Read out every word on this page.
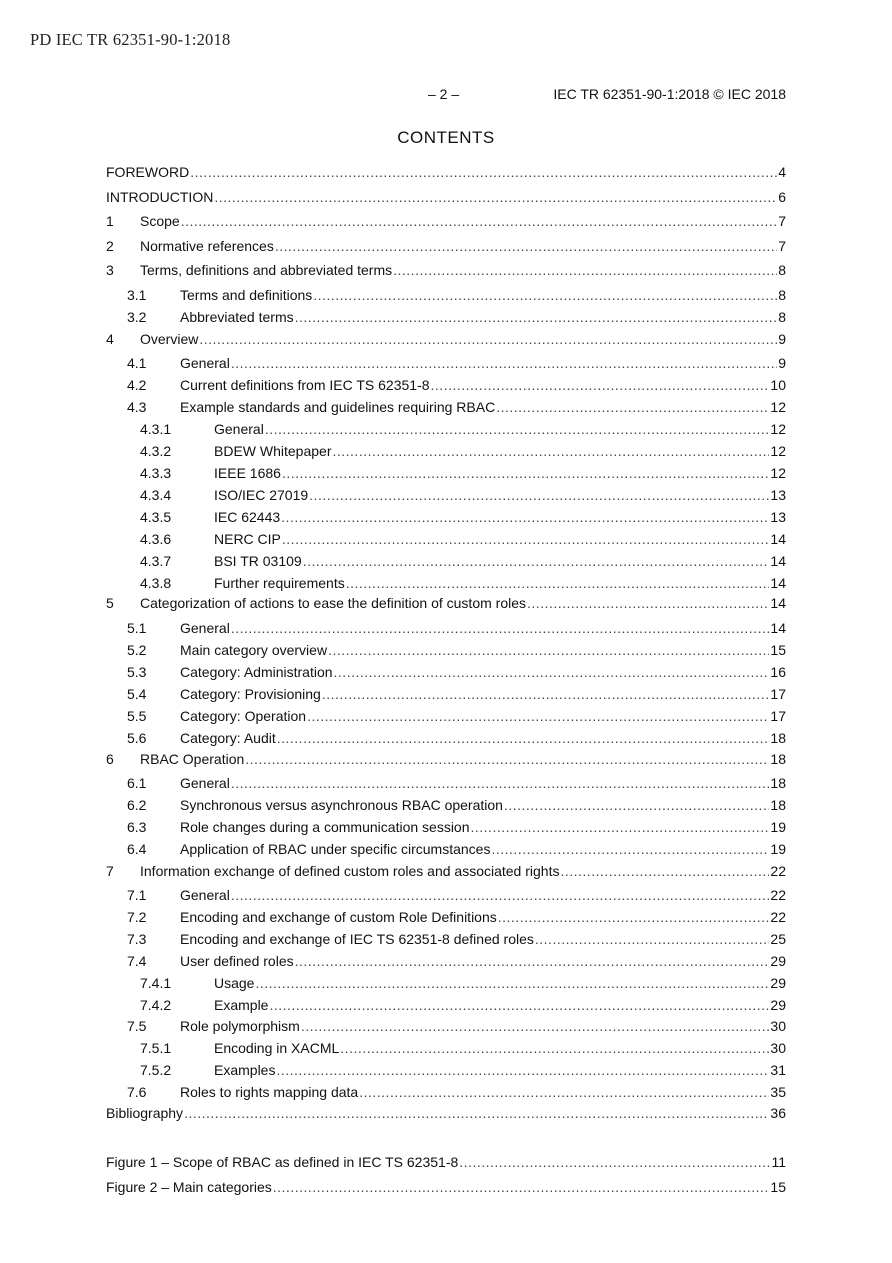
PD IEC TR 62351-90-1:2018
– 2 –	IEC TR 62351-90-1:2018 © IEC 2018
CONTENTS
FOREWORD .....	4
INTRODUCTION .....	6
1	Scope .....	7
2	Normative references .....	7
3	Terms, definitions and abbreviated terms .....	8
3.1	Terms and definitions .....	8
3.2	Abbreviated terms .....	8
4	Overview .....	9
4.1	General .....	9
4.2	Current definitions from IEC TS 62351-8 .....	10
4.3	Example standards and guidelines requiring RBAC .....	12
4.3.1	General .....	12
4.3.2	BDEW Whitepaper .....	12
4.3.3	IEEE 1686 .....	12
4.3.4	ISO/IEC 27019 .....	13
4.3.5	IEC 62443 .....	13
4.3.6	NERC CIP .....	14
4.3.7	BSI TR 03109 .....	14
4.3.8	Further requirements .....	14
5	Categorization of actions to ease the definition of custom roles .....	14
5.1	General .....	14
5.2	Main category overview .....	15
5.3	Category: Administration .....	16
5.4	Category: Provisioning .....	17
5.5	Category: Operation .....	17
5.6	Category: Audit .....	18
6	RBAC Operation .....	18
6.1	General .....	18
6.2	Synchronous versus asynchronous RBAC operation .....	18
6.3	Role changes during a communication session .....	19
6.4	Application of RBAC under specific circumstances .....	19
7	Information exchange of defined custom roles and associated rights .....	22
7.1	General .....	22
7.2	Encoding and exchange of custom Role Definitions .....	22
7.3	Encoding and exchange of IEC TS 62351-8 defined roles .....	25
7.4	User defined roles .....	29
7.4.1	Usage .....	29
7.4.2	Example .....	29
7.5	Role polymorphism .....	30
7.5.1	Encoding in XACML .....	30
7.5.2	Examples .....	31
7.6	Roles to rights mapping data .....	35
Bibliography .....	36
Figure 1 – Scope of RBAC as defined in IEC TS 62351-8 .....	11
Figure 2 – Main categories .....	15
